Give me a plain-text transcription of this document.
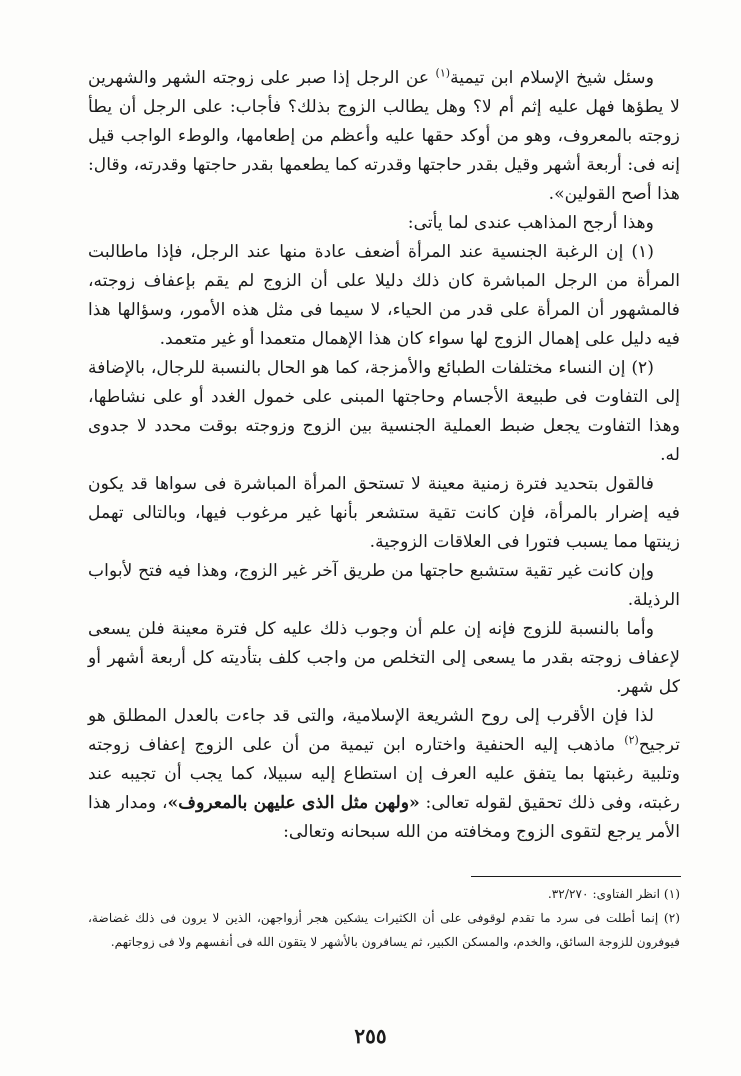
وسئل شيخ الإسلام ابن تيمية$^{(١)}$ عن الرجل إذا صبر على زوجته الشهر والشهرين لا يطؤها فهل عليه إثم أم لا؟ وهل يطالب الزوج بذلك؟ فأجاب: على الرجل أن يطأ زوجته بالمعروف، وهو من أوكد حقها عليه وأعظم من إطعامها، والوطء الواجب قيل إنه فى: أربعة أشهر وقيل بقدر حاجتها وقدرته كما يطعمها بقدر حاجتها وقدرته، وقال: هذا أصح القولين».

وهذا أرجح المذاهب عندى لما يأتى:

(١) إن الرغبة الجنسية عند المرأة أضعف عادة منها عند الرجل، فإذا ماطالبت المرأة من الرجل المباشرة كان ذلك دليلا على أن الزوج لم يقم بإعفاف زوجته، فالمشهور أن المرأة على قدر من الحياء، لا سيما فى مثل هذه الأمور، وسؤالها هذا فيه دليل على إهمال الزوج لها سواء كان هذا الإهمال متعمدا أو غير متعمد.

(٢) إن النساء مختلفات الطبائع والأمزجة، كما هو الحال بالنسبة للرجال، بالإضافة إلى التفاوت فى طبيعة الأجسام وحاجتها المبنى على خمول الغدد أو على نشاطها، وهذا التفاوت يجعل ضبط العملية الجنسية بين الزوج وزوجته بوقت محدد لا جدوى له.

فالقول بتحديد فترة زمنية معينة لا تستحق المرأة المباشرة فى سواها قد يكون فيه إضرار بالمرأة، فإن كانت تقية ستشعر بأنها غير مرغوب فيها، وبالتالى تهمل زينتها مما يسبب فتورا فى العلاقات الزوجية.

وإن كانت غير تقية ستشبع حاجتها من طريق آخر غير الزوج، وهذا فيه فتح لأبواب الرذيلة.

وأما بالنسبة للزوج فإنه إن علم أن وجوب ذلك عليه كل فترة معينة فلن يسعى لإعفاف زوجته بقدر ما يسعى إلى التخلص من واجب كلف بتأديته كل أربعة أشهر أو كل شهر.

لذا فإن الأقرب إلى روح الشريعة الإسلامية، والتى قد جاءت بالعدل المطلق هو ترجيح$^{(٢)}$ ماذهب إليه الحنفية واختاره ابن تيمية من أن على الزوج إعفاف زوجته وتلبية رغبتها بما يتفق عليه العرف إن استطاع إليه سبيلا، كما يجب أن تجيبه عند رغبته، وفى ذلك تحقيق لقوله تعالى: «ولهن مثل الذى عليهن بالمعروف»، ومدار هذا الأمر يرجع لتقوى الزوج ومخافته من الله سبحانه وتعالى:

(١) انظر الفتاوى: ٣٢/٢٧٠.

(٢) إنما أطلت فى سرد ما تقدم لوقوفى على أن الكثيرات يشكين هجر أزواجهن، الذين لا يرون فى ذلك غضاضة، فيوفرون للزوجة السائق، والخدم، والمسكن الكبير، ثم يسافرون بالأشهر لا يتقون الله فى أنفسهم ولا فى زوجاتهم.

٢٥٥
